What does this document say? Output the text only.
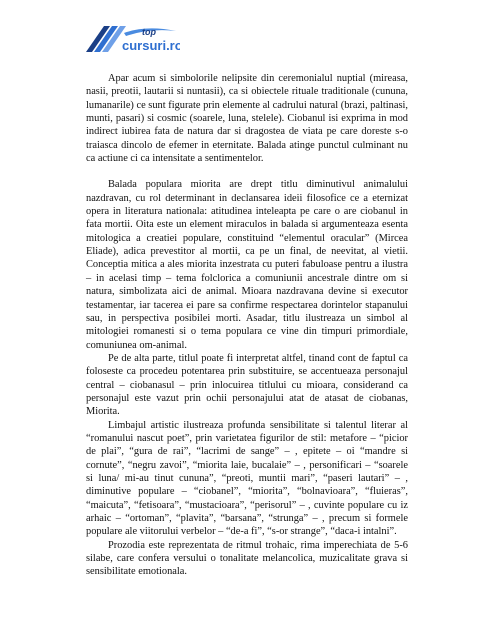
top
cursuri.ro

Apar acum si simbolorile nelipsite din ceremonialul nuptial (mireasa, nasii, preotii, lautarii si nuntasii), ca si obiectele rituale traditionale (cununa, lumanarile) ce sunt figurate prin elemente al cadrului natural (brazi, paltinasi, munti, pasari) si cosmic (soarele, luna, stelele). Ciobanul isi exprima in mod indirect iubirea fata de natura dar si dragostea de viata pe care doreste s-o traiasca dincolo de efemer in eternitate. Balada atinge punctul culminant nu ca actiune ci ca intensitate a sentimentelor.

Balada populara miorita are drept titlu diminutivul animalului nazdravan, cu rol determinant in declansarea ideii filosofice ce a eternizat opera in literatura nationala: atitudinea inteleapta pe care o are ciobanul in fata mortii. Oita este un element miraculos in balada si argumenteaza esenta mitologica a creatiei populare, constituind “elementul oracular” (Mircea Eliade), adica prevestitor al mortii, ca pe un final, de neevitat, al vietii. Conceptia mitica a ales miorita inzestrata cu puteri fabuloase pentru a ilustra – in acelasi timp – tema folclorica a comuniunii ancestrale dintre om si natura, simbolizata aici de animal. Mioara nazdravana devine si executor testamentar, iar tacerea ei pare sa confirme respectarea dorintelor stapanului sau, in perspectiva posibilei morti. Asadar, titlu ilustreaza un simbol al mitologiei romanesti si o tema populara ce vine din timpuri primordiale, comuniunea om-animal.

Pe de alta parte, titlul poate fi interpretat altfel, tinand cont de faptul ca foloseste ca procedeu potentarea prin substituire, se accentueaza personajul central – ciobanasul – prin inlocuirea titlului cu mioara, considerand ca personajul este vazut prin ochii personajului atat de atasat de ciobanas, Miorita.

Limbajul artistic ilustreaza profunda sensibilitate si talentul literar al “romanului nascut poet”, prin varietatea figurilor de stil: metafore – “picior de plai”, “gura de rai”, “lacrimi de sange” – , epitete – oi “mandre si cornute”, “negru zavoi”, “miorita laie, bucalaie” – , personificari – “soarele si luna/ mi-au tinut cununa”, “preoti, muntii mari”, “paseri lautari” – , diminutive populare – “ciobanel”, “miorita”, “bolnavioara”, “fluieras”, “maicuta”, “fetisoara”, “mustacioara”, “perisorul” – , cuvinte populare cu iz arhaic – “ortoman”, “plavita”, “barsana”, “strunga” – , precum si formele populare ale viitorului verbelor – “de-a fi”, “s-or strange”, “daca-i intalni”.

Prozodia este reprezentata de ritmul trohaic, rima imperechiata de 5-6 silabe, care confera versului o tonalitate melancolica, muzicalitate grava si sensibilitate emotionala.
